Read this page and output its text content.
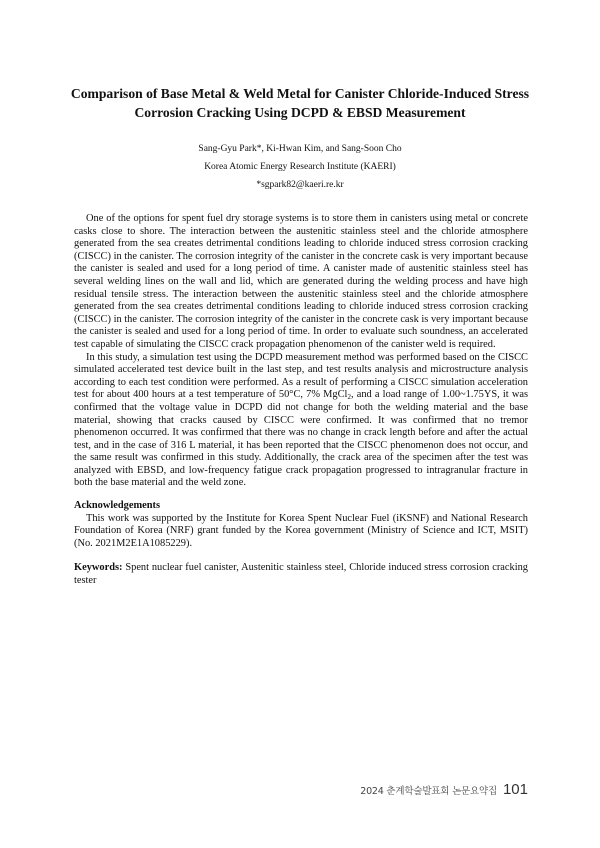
Comparison of Base Metal & Weld Metal for Canister Chloride-Induced Stress Corrosion Cracking Using DCPD & EBSD Measurement
Sang-Gyu Park*, Ki-Hwan Kim, and Sang-Soon Cho
Korea Atomic Energy Research Institute (KAERI)
*sgpark82@kaeri.re.kr

One of the options for spent fuel dry storage systems is to store them in canisters using metal or concrete casks close to shore. The interaction between the austenitic stainless steel and the chloride atmosphere generated from the sea creates detrimental conditions leading to chloride induced stress corrosion cracking (CISCC) in the canister. The corrosion integrity of the canister in the concrete cask is very important because the canister is sealed and used for a long period of time. A canister made of austenitic stainless steel has several welding lines on the wall and lid, which are generated during the welding process and have high residual tensile stress. The interaction between the austenitic stainless steel and the chloride atmosphere generated from the sea creates detrimental conditions leading to chloride induced stress corrosion cracking (CISCC) in the canister. The corrosion integrity of the canister in the concrete cask is very important because the canister is sealed and used for a long period of time. In order to evaluate such soundness, an accelerated test capable of simulating the CISCC crack propagation phenomenon of the canister weld is required.

In this study, a simulation test using the DCPD measurement method was performed based on the CISCC simulated accelerated test device built in the last step, and test results analysis and microstructure analysis according to each test condition were performed. As a result of performing a CISCC simulation acceleration test for about 400 hours at a test temperature of 50°C, 7% MgCl$_2$, and a load range of 1.00~1.75YS, it was confirmed that the voltage value in DCPD did not change for both the welding material and the base material, showing that cracks caused by CISCC were confirmed. It was confirmed that no tremor phenomenon occurred. It was confirmed that there was no change in crack length before and after the actual test, and in the case of 316 L material, it has been reported that the CISCC phenomenon does not occur, and the same result was confirmed in this study. Additionally, the crack area of the specimen after the test was analyzed with EBSD, and low-frequency fatigue crack propagation progressed to intragranular fracture in both the base material and the weld zone.

Acknowledgements

This work was supported by the Institute for Korea Spent Nuclear Fuel (iKSNF) and National Research Foundation of Korea (NRF) grant funded by the Korea government (Ministry of Science and ICT, MSIT) (No. 2021M2E1A1085229).

Keywords: Spent nuclear fuel canister, Austenitic stainless steel, Chloride induced stress corrosion cracking tester

2024 춘계학술발표회 논문요약집 101
